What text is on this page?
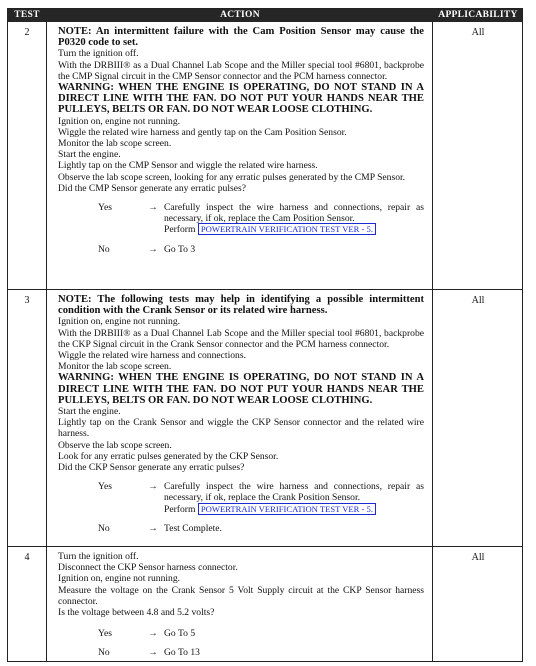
TEST	ACTION	APPLICABILITY
2	All

NOTE: An intermittent failure with the Cam Position Sensor may cause the P0320 code to set.

Turn the ignition off.

With the DRBIII® as a Dual Channel Lab Scope and the Miller special tool #6801, backprobe the CMP Signal circuit in the CMP Sensor connector and the PCM harness connector.

WARNING: WHEN THE ENGINE IS OPERATING, DO NOT STAND IN A DIRECT LINE WITH THE FAN. DO NOT PUT YOUR HANDS NEAR THE PULLEYS, BELTS OR FAN. DO NOT WEAR LOOSE CLOTHING.

Ignition on, engine not running.

Wiggle the related wire harness and gently tap on the Cam Position Sensor.

Monitor the lab scope screen.

Start the engine.

Lightly tap on the CMP Sensor and wiggle the related wire harness.

Observe the lab scope screen, looking for any erratic pulses generated by the CMP Sensor.

Did the CMP Sensor generate any erratic pulses?

Yes	→ Carefully inspect the wire harness and connections, repair as necessary, if ok, replace the Cam Position Sensor.
Perform POWERTRAIN VERIFICATION TEST VER - 5.
No	→ Go To 3
3	All

NOTE: The following tests may help in identifying a possible intermittent condition with the Crank Sensor or its related wire harness.

Ignition on, engine not running.

With the DRBIII® as a Dual Channel Lab Scope and the Miller special tool #6801, backprobe the CKP Signal circuit in the Crank Sensor connector and the PCM harness connector.

Wiggle the related wire harness and connections.

Monitor the lab scope screen.

WARNING: WHEN THE ENGINE IS OPERATING, DO NOT STAND IN A DIRECT LINE WITH THE FAN. DO NOT PUT YOUR HANDS NEAR THE PULLEYS, BELTS OR FAN. DO NOT WEAR LOOSE CLOTHING.

Start the engine.

Lightly tap on the Crank Sensor and wiggle the CKP Sensor connector and the related wire harness.

Observe the lab scope screen.

Look for any erratic pulses generated by the CKP Sensor.

Did the CKP Sensor generate any erratic pulses?

Yes	→ Carefully inspect the wire harness and connections, repair as necessary, if ok, replace the Crank Position Sensor.
Perform POWERTRAIN VERIFICATION TEST VER - 5.
No	→ Test Complete.
4	All

Turn the ignition off.

Disconnect the CKP Sensor harness connector.

Ignition on, engine not running.

Measure the voltage on the Crank Sensor 5 Volt Supply circuit at the CKP Sensor harness connector.

Is the voltage between 4.8 and 5.2 volts?

Yes	→ Go To 5
No	→ Go To 13
